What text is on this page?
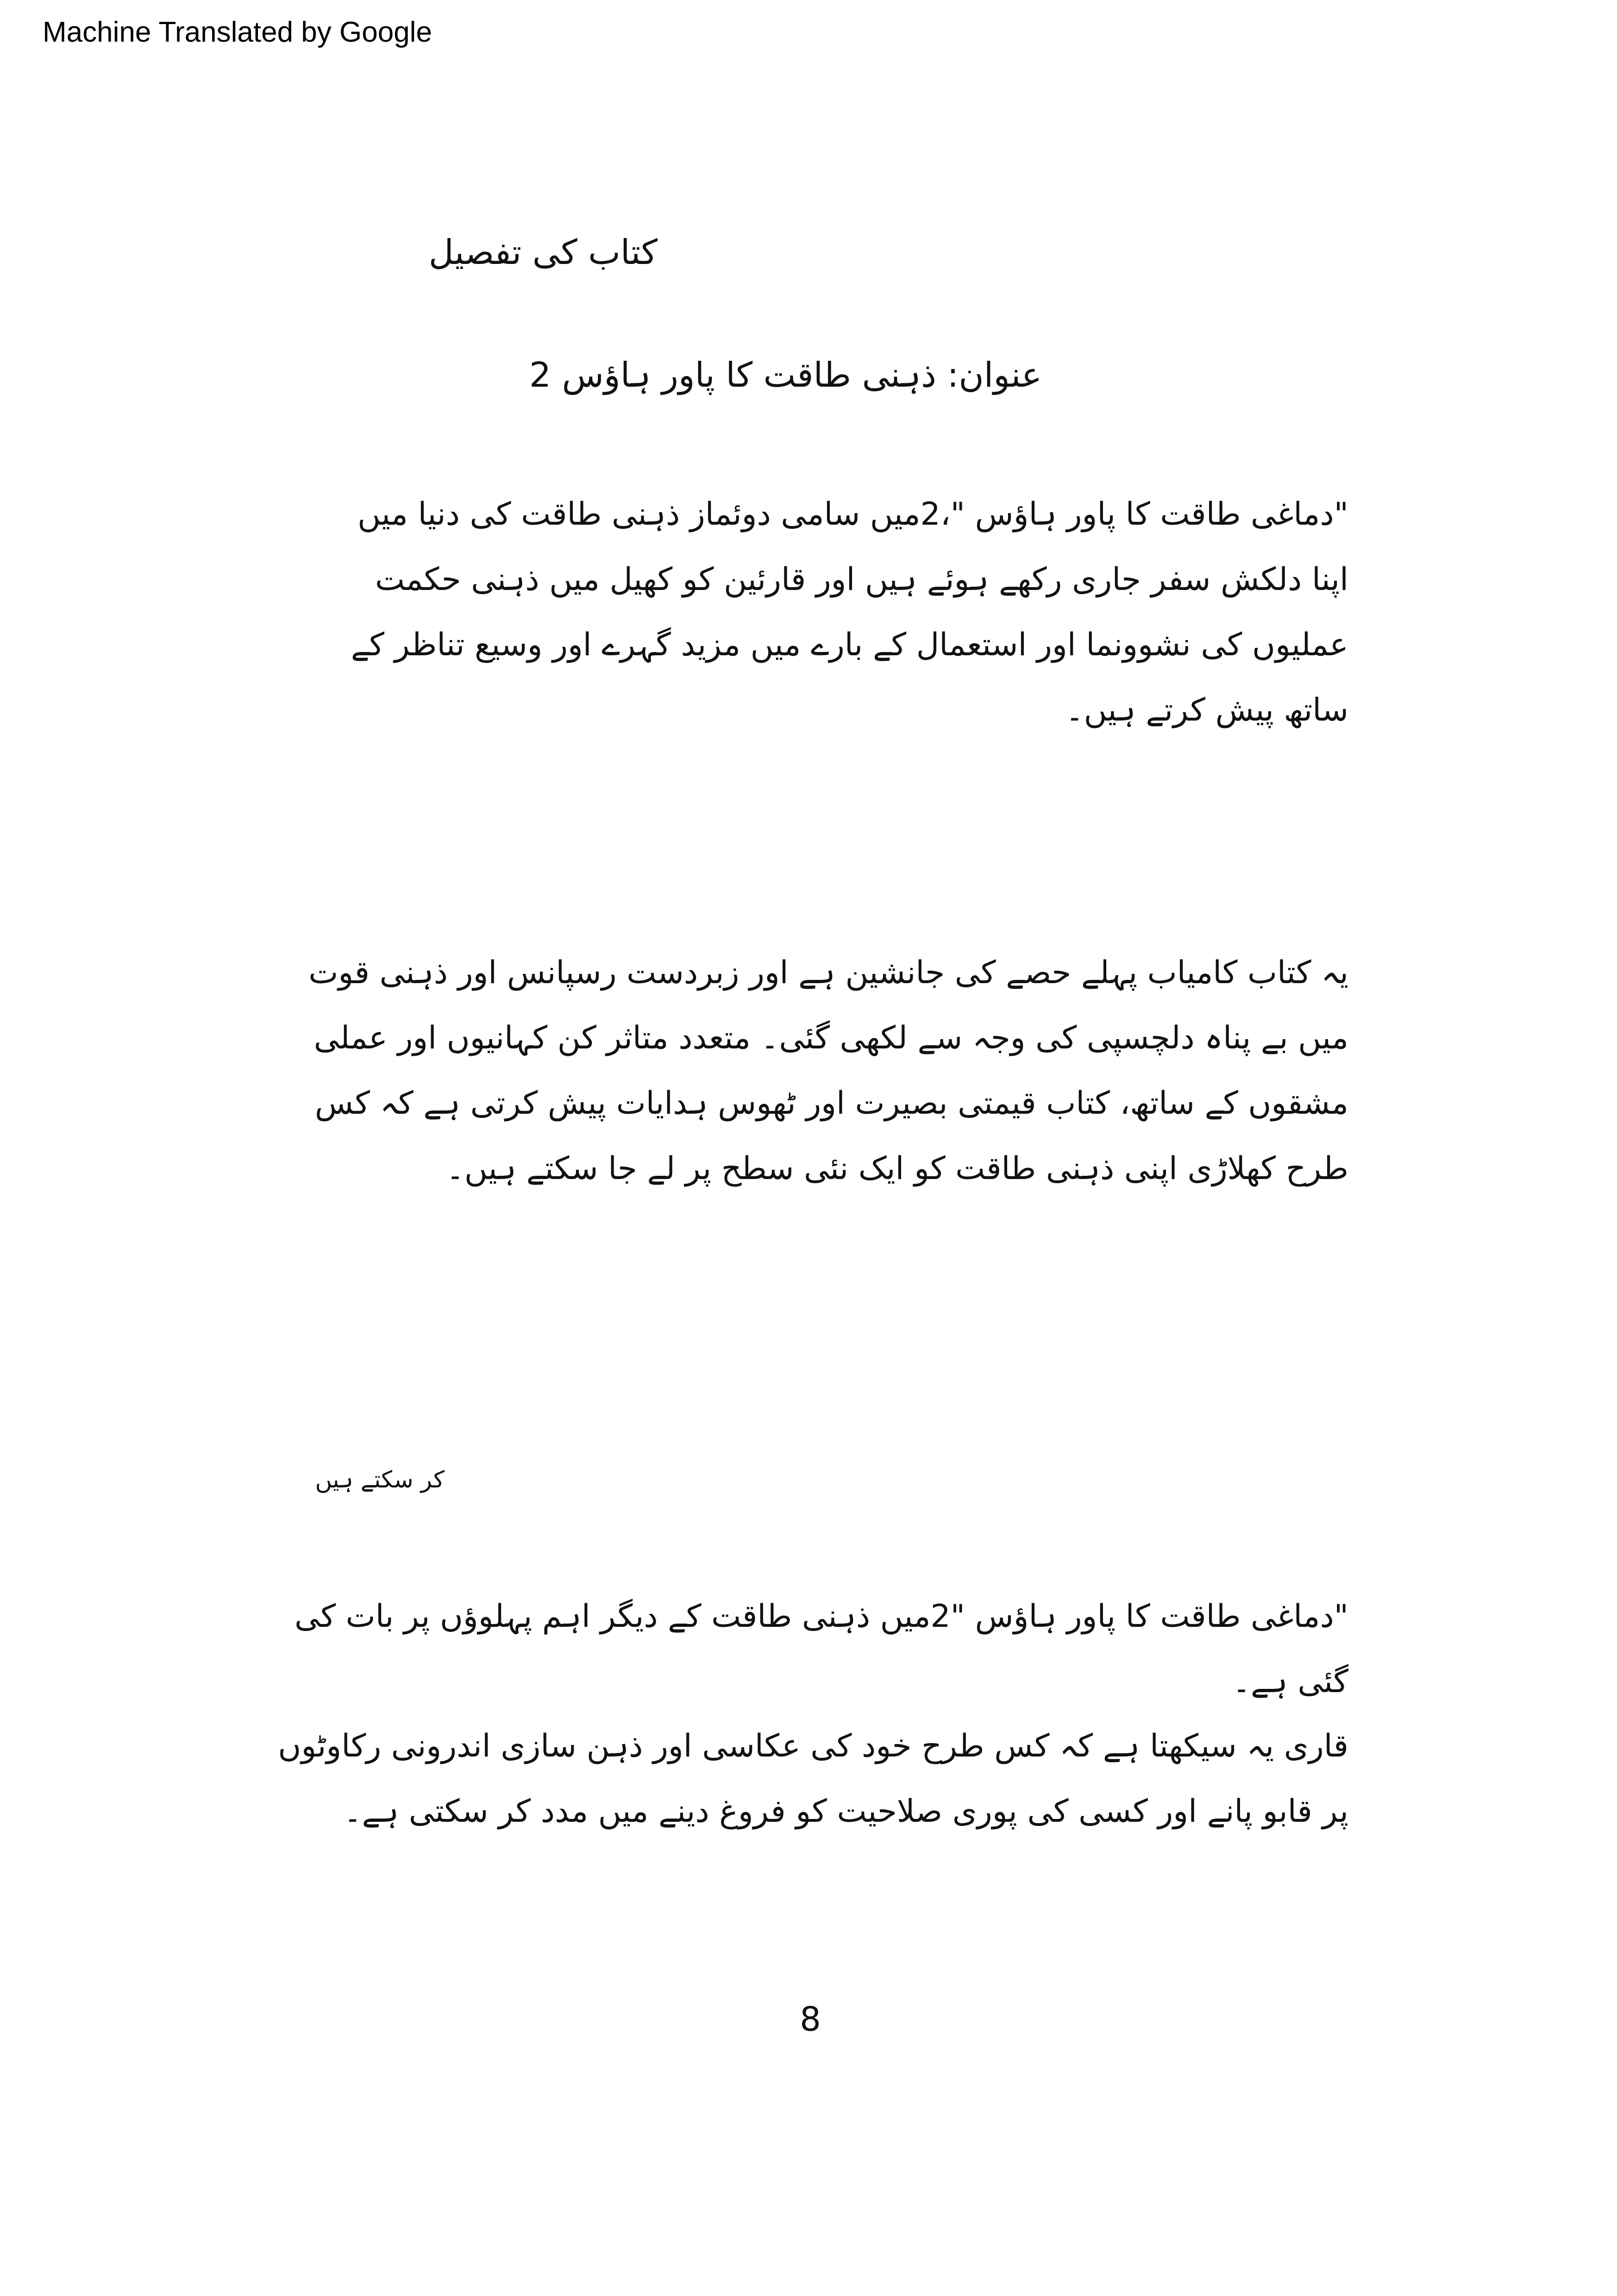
Machine Translated by Google
کتاب کی تفصیل
عنوان: ذہنی طاقت کا پاور ہاؤس 2
"دماغی طاقت کا پاور ہاؤس "،2میں سامی دوئماز ذہنی طاقت کی دنیا میں
اپنا دلکش سفر جاری رکھے ہوئے ہیں اور قارئین کو کھیل میں ذہنی حکمت
عملیوں کی نشوونما اور استعمال کے بارے میں مزید گہرے اور وسیع تناظر کے
ساتھ پیش کرتے ہیں۔
یہ کتاب کامیاب پہلے حصے کی جانشین ہے اور زبردست رسپانس اور ذہنی قوت
میں بے پناہ دلچسپی کی وجہ سے لکھی گئی۔ متعدد متاثر کن کہانیوں اور عملی
مشقوں کے ساتھ، کتاب قیمتی بصیرت اور ٹھوس ہدایات پیش کرتی ہے کہ کس
طرح کھلاڑی اپنی ذہنی طاقت کو ایک نئی سطح پر لے جا سکتے ہیں۔
کر سکتے ہیں
"دماغی طاقت کا پاور ہاؤس "2میں ذہنی طاقت کے دیگر اہم پہلوؤں پر بات کی
گئی ہے۔
قاری یہ سیکھتا ہے کہ کس طرح خود کی عکاسی اور ذہن سازی اندرونی رکاوٹوں
پر قابو پانے اور کسی کی پوری صلاحیت کو فروغ دینے میں مدد کر سکتی ہے۔
8
